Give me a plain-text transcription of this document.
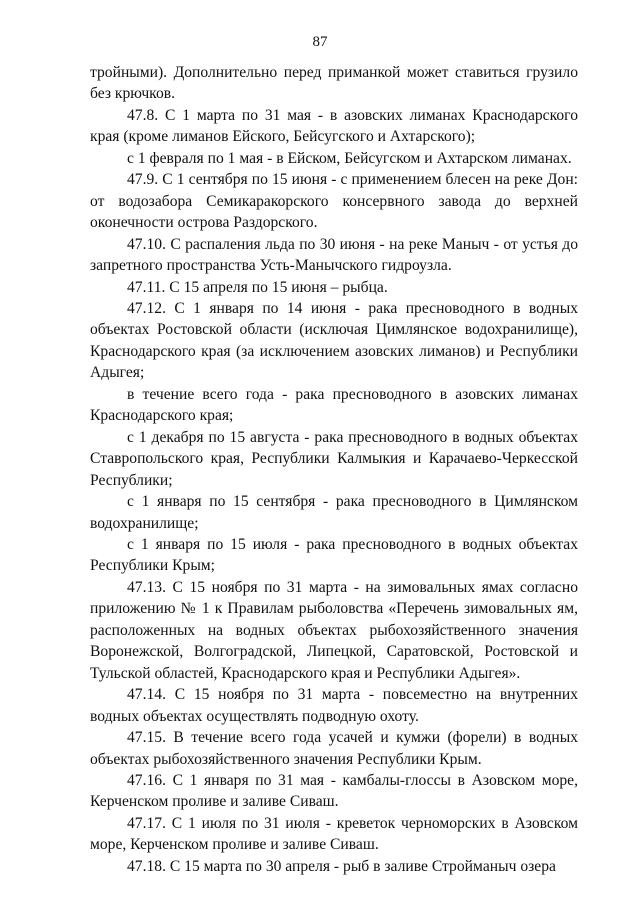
87

тройными). Дополнительно перед приманкой может ставиться грузило без крючков.

47.8. С 1 марта по 31 мая - в азовских лиманах Краснодарского края (кроме лиманов Ейского, Бейсугского и Ахтарского);

с 1 февраля по 1 мая - в Ейском, Бейсугском и Ахтарском лиманах.

47.9. С 1 сентября по 15 июня - с применением блесен на реке Дон: от водозабора Семикаракорского консервного завода до верхней оконечности острова Раздорского.

47.10. С распаления льда по 30 июня - на реке Маныч - от устья до запретного пространства Усть-Манычского гидроузла.

47.11. С 15 апреля по 15 июня – рыбца.

47.12. С 1 января по 14 июня - рака пресноводного в водных объектах Ростовской области (исключая Цимлянское водохранилище), Краснодарского края (за исключением азовских лиманов) и Республики Адыгея;

в течение всего года - рака пресноводного в азовских лиманах Краснодарского края;

с 1 декабря по 15 августа - рака пресноводного в водных объектах Ставропольского края, Республики Калмыкия и Карачаево-Черкесской Республики;

с 1 января по 15 сентября - рака пресноводного в Цимлянском водохранилище;

с 1 января по 15 июля - рака пресноводного в водных объектах Республики Крым;

47.13. С 15 ноября по 31 марта - на зимовальных ямах согласно приложению № 1 к Правилам рыболовства «Перечень зимовальных ям, расположенных на водных объектах рыбохозяйственного значения Воронежской, Волгоградской, Липецкой, Саратовской, Ростовской и Тульской областей, Краснодарского края и Республики Адыгея».

47.14. С 15 ноября по 31 марта - повсеместно на внутренних водных объектах осуществлять подводную охоту.

47.15. В течение всего года усачей и кумжи (форели) в водных объектах рыбохозяйственного значения Республики Крым.

47.16. С 1 января по 31 мая - камбалы-глоссы в Азовском море, Керченском проливе и заливе Сиваш.

47.17. С 1 июля по 31 июля - креветок черноморских в Азовском море, Керченском проливе и заливе Сиваш.

47.18. С 15 марта по 30 апреля - рыб в заливе Строймaныч озера
